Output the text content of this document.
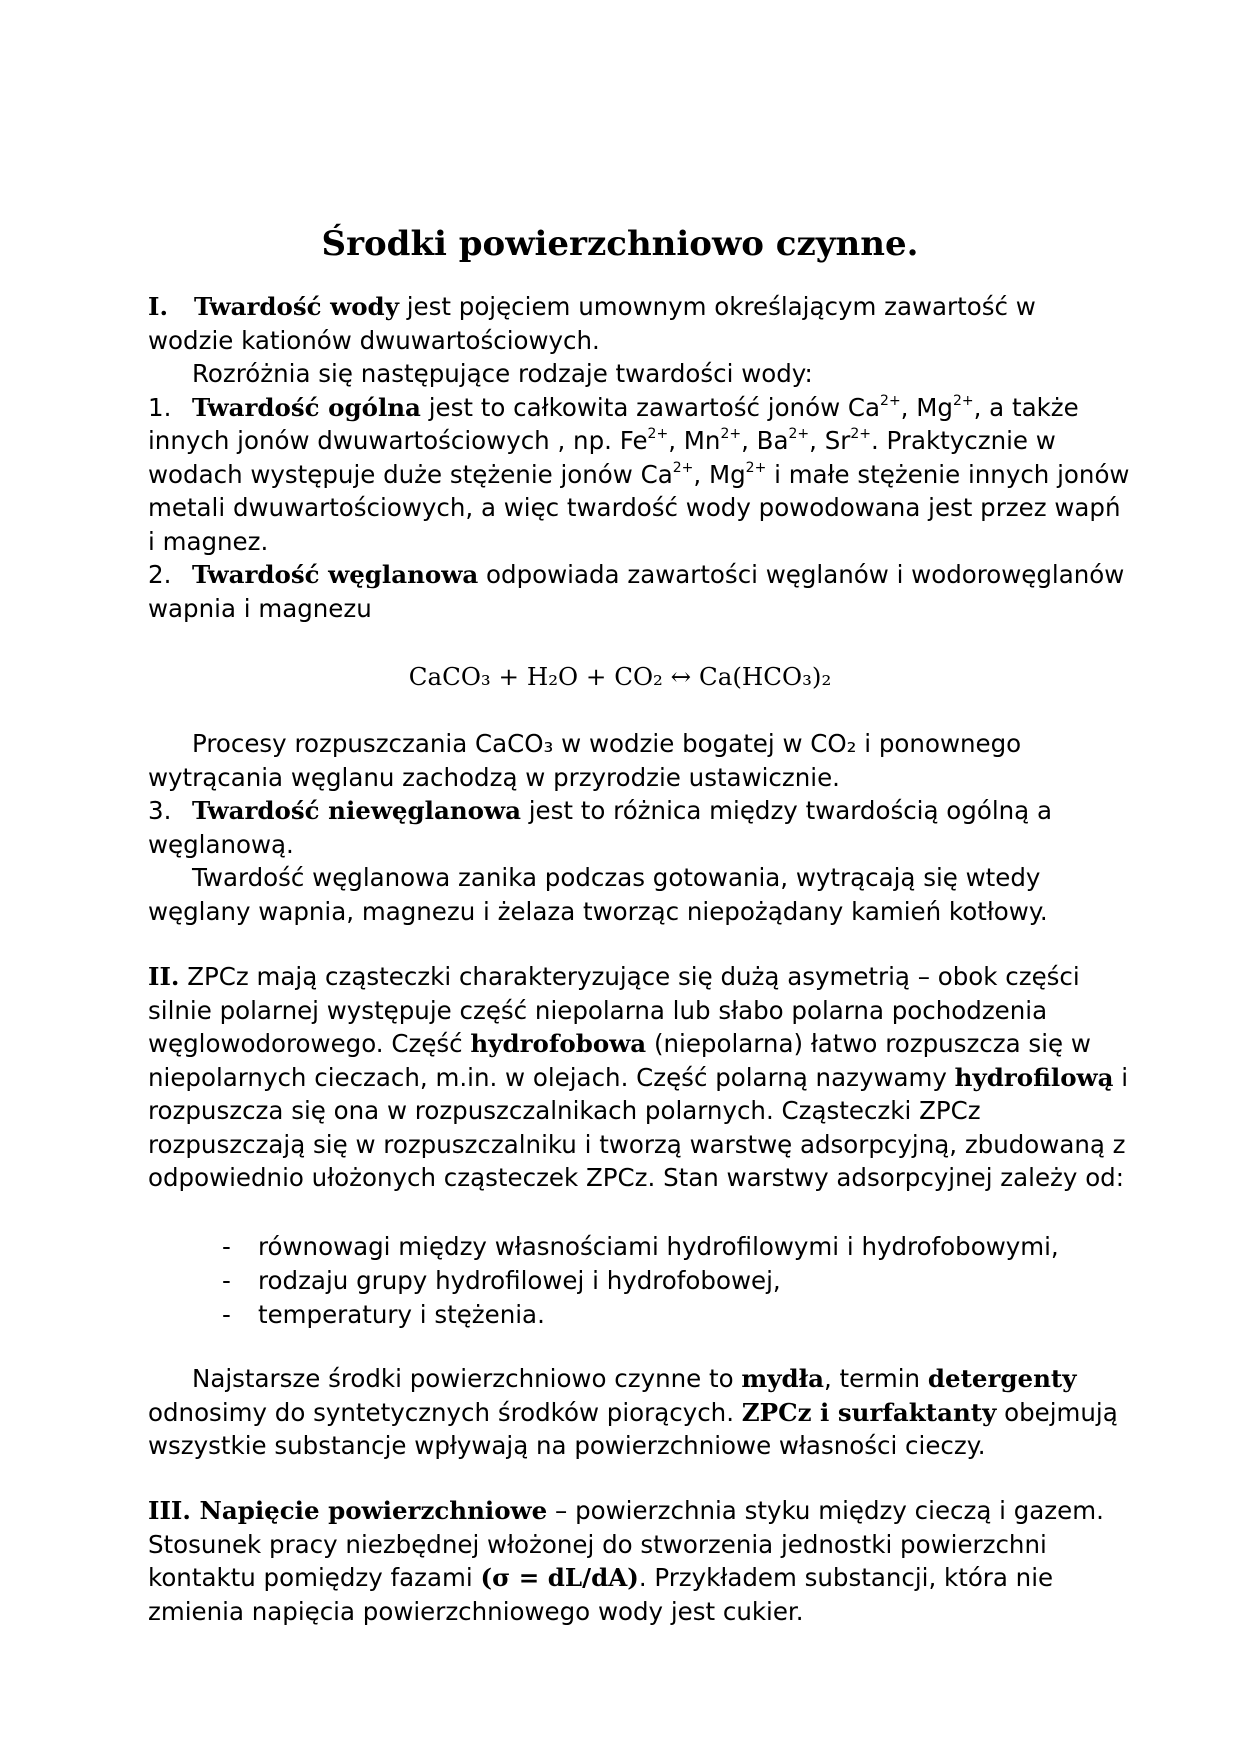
Środki powierzchniowo czynne.
I. Twardość wody jest pojęciem umownym określającym zawartość w
wodzie kationów dwuwartościowych.
Rozróżnia się następujące rodzaje twardości wody:
1. Twardość ogólna jest to całkowita zawartość jonów $Ca^{2+}$, $Mg^{2+}$, a także
innych jonów dwuwartościowych , np. $Fe^{2+}$, $Mn^{2+}$, $Ba^{2+}$, $Sr^{2+}$. Praktycznie w
wodach występuje duże stężenie jonów $Ca^{2+}$, $Mg^{2+}$ i małe stężenie innych jonów
metali dwuwartościowych, a więc twardość wody powodowana jest przez wapń
i magnez.
2. Twardość węglanowa odpowiada zawartości węglanów i wodorowęglanów
wapnia i magnezu
CaCO₃ + H₂O + CO₂ ↔ Ca(HCO₃)₂
Procesy rozpuszczania CaCO₃ w wodzie bogatej w CO₂ i ponownego
wytrącania węglanu zachodzą w przyrodzie ustawicznie.
3. Twardość niewęglanowa jest to różnica między twardością ogólną a
węglanową.
Twardość węglanowa zanika podczas gotowania, wytrącają się wtedy
węglany wapnia, magnezu i żelaza tworząc niepożądany kamień kotłowy.
II. ZPCz mają cząsteczki charakteryzujące się dużą asymetrią – obok części
silnie polarnej występuje część niepolarna lub słabo polarna pochodzenia
węglowodorowego. Część hydrofobowa (niepolarna) łatwo rozpuszcza się w
niepolarnych cieczach, m.in. w olejach. Część polarną nazywamy hydrofilową i
rozpuszcza się ona w rozpuszczalnikach polarnych. Cząsteczki ZPCz
rozpuszczają się w rozpuszczalniku i tworzą warstwę adsorpcyjną, zbudowaną z
odpowiednio ułożonych cząsteczek ZPCz. Stan warstwy adsorpcyjnej zależy od:
- równowagi między własnościami hydrofilowymi i hydrofobowymi,
- rodzaju grupy hydrofilowej i hydrofobowej,
- temperatury i stężenia.
Najstarsze środki powierzchniowo czynne to mydła, termin detergenty
odnosimy do syntetycznych środków piorących. ZPCz i surfaktanty obejmują
wszystkie substancje wpływają na powierzchniowe własności cieczy.
III. Napięcie powierzchniowe – powierzchnia styku między cieczą i gazem.
Stosunek pracy niezbędnej włożonej do stworzenia jednostki powierzchni
kontaktu pomiędzy fazami (σ = dL/dA). Przykładem substancji, która nie
zmienia napięcia powierzchniowego wody jest cukier.
